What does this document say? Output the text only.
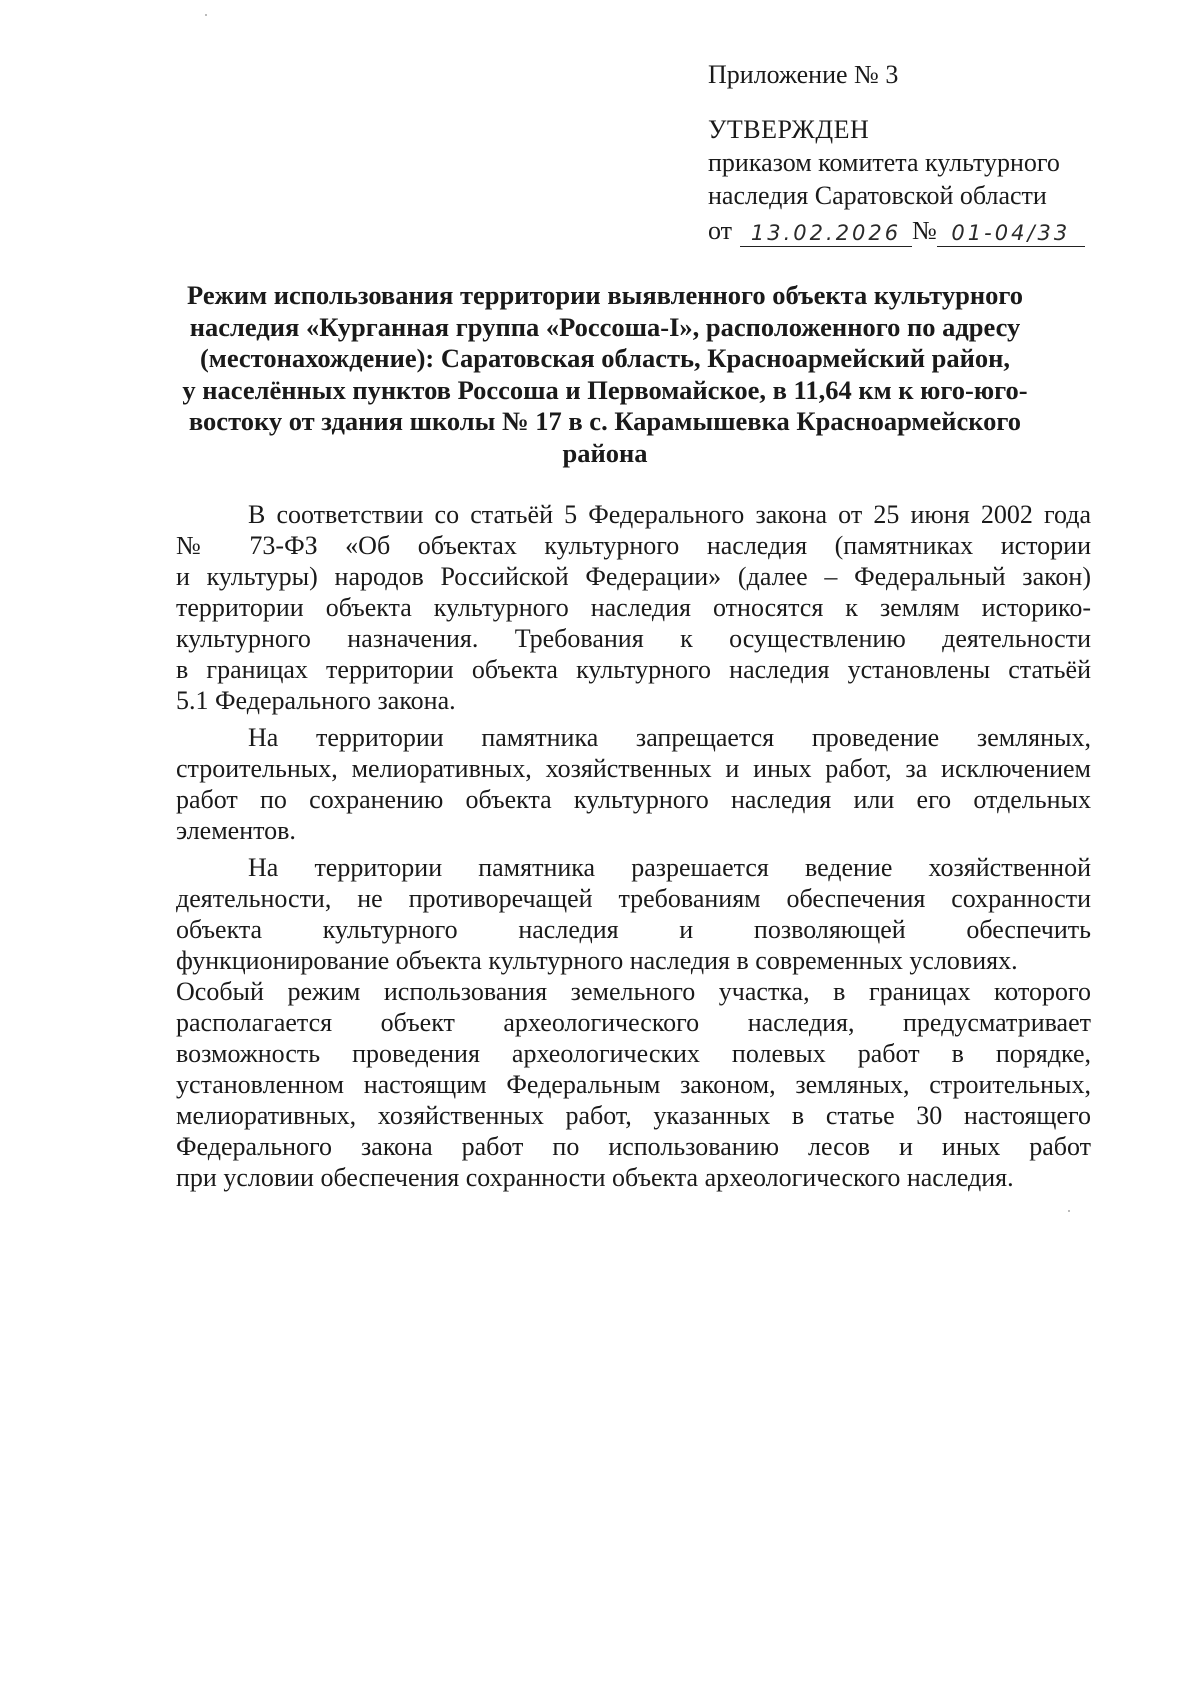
Приложение № 3

УТВЕРЖДЕН

приказом комитета культурного

наследия Саратовской области

от 13.02.2026 № 01-04/33
Режим использования территории выявленного объекта культурного
наследия «Курганная группа «Россоша-I», расположенного по адресу
(местонахождение): Саратовская область, Красноармейский район,
у населённых пунктов Россоша и Первомайское, в 11,64 км к юго-юго-
востоку от здания школы № 17 в с. Карамышевка Красноармейского
района
В соответствии со статьёй 5 Федерального закона от 25 июня 2002 года
№ 73-ФЗ «Об объектах культурного наследия (памятниках истории
и культуры) народов Российской Федерации» (далее – Федеральный закон)
территории объекта культурного наследия относятся к землям историко-
культурного назначения. Требования к осуществлению деятельности
в границах территории объекта культурного наследия установлены статьёй
5.1 Федерального закона.
На территории памятника запрещается проведение земляных,
строительных, мелиоративных, хозяйственных и иных работ, за исключением
работ по сохранению объекта культурного наследия или его отдельных
элементов.
На территории памятника разрешается ведение хозяйственной
деятельности, не противоречащей требованиям обеспечения сохранности
объекта культурного наследия и позволяющей обеспечить
функционирование объекта культурного наследия в современных условиях.
Особый режим использования земельного участка, в границах которого
располагается объект археологического наследия, предусматривает
возможность проведения археологических полевых работ в порядке,
установленном настоящим Федеральным законом, земляных, строительных,
мелиоративных, хозяйственных работ, указанных в статье 30 настоящего
Федерального закона работ по использованию лесов и иных работ
при условии обеспечения сохранности объекта археологического наследия.
